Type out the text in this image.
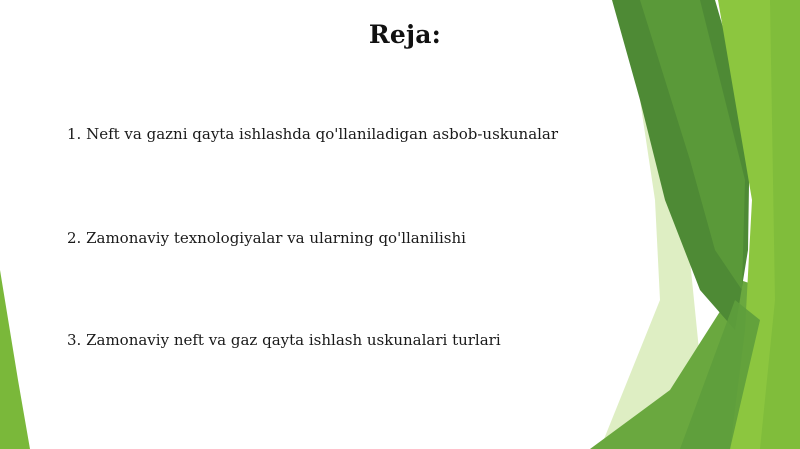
Reja:
1. Neft va gazni qayta ishlashda qo'llaniladigan asbob-uskunalar
2. Zamonaviy texnologiyalar va ularning qo'llanilishi
3. Zamonaviy neft va gaz qayta ishlash uskunalari turlari
